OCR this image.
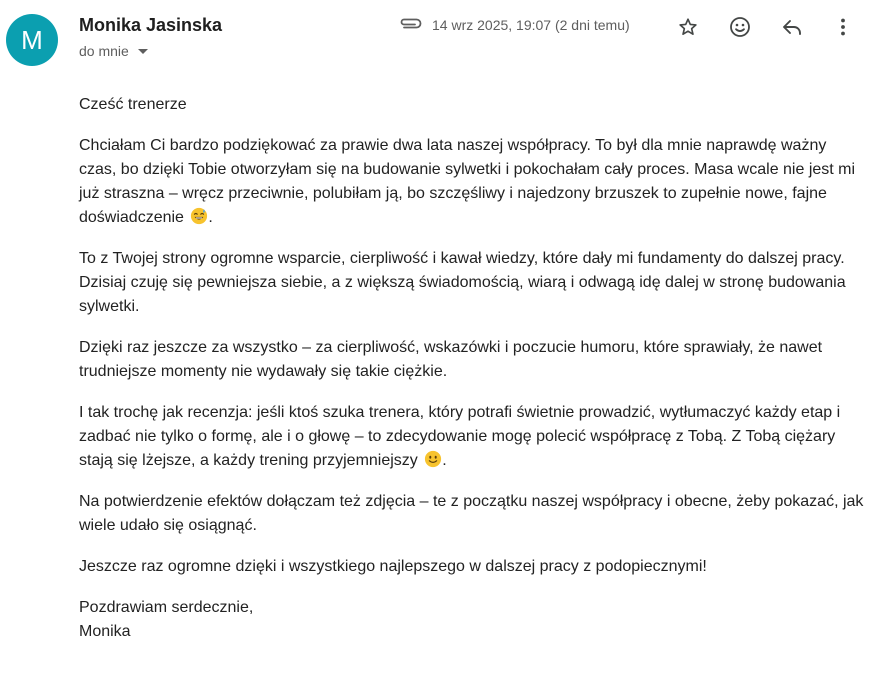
M	Monika Jasinska
do mnie
14 wrz 2025, 19:07 (2 dni temu)

Cześć trenerze

Chciałam Ci bardzo podziękować za prawie dwa lata naszej współpracy. To był dla mnie naprawdę ważny czas, bo dzięki Tobie otworzyłam się na budowanie sylwetki i pokochałam cały proces. Masa wcale nie jest mi już straszna – wręcz przeciwnie, polubiłam ją, bo szczęśliwy i najedzony brzuszek to zupełnie nowe, fajne doświadczenie .

To z Twojej strony ogromne wsparcie, cierpliwość i kawał wiedzy, które dały mi fundamenty do dalszej pracy. Dzisiaj czuję się pewniejsza siebie, a z większą świadomością, wiarą i odwagą idę dalej w stronę budowania sylwetki.

Dzięki raz jeszcze za wszystko – za cierpliwość, wskazówki i poczucie humoru, które sprawiały, że nawet trudniejsze momenty nie wydawały się takie ciężkie.

I tak trochę jak recenzja: jeśli ktoś szuka trenera, który potrafi świetnie prowadzić, wytłumaczyć każdy etap i zadbać nie tylko o formę, ale i o głowę – to zdecydowanie mogę polecić współpracę z Tobą. Z Tobą ciężary stają się lżejsze, a każdy trening przyjemniejszy .

Na potwierdzenie efektów dołączam też zdjęcia – te z początku naszej współpracy i obecne, żeby pokazać, jak wiele udało się osiągnąć.

Jeszcze raz ogromne dzięki i wszystkiego najlepszego w dalszej pracy z podopiecznymi!

Pozdrawiam serdecznie,
Monika
